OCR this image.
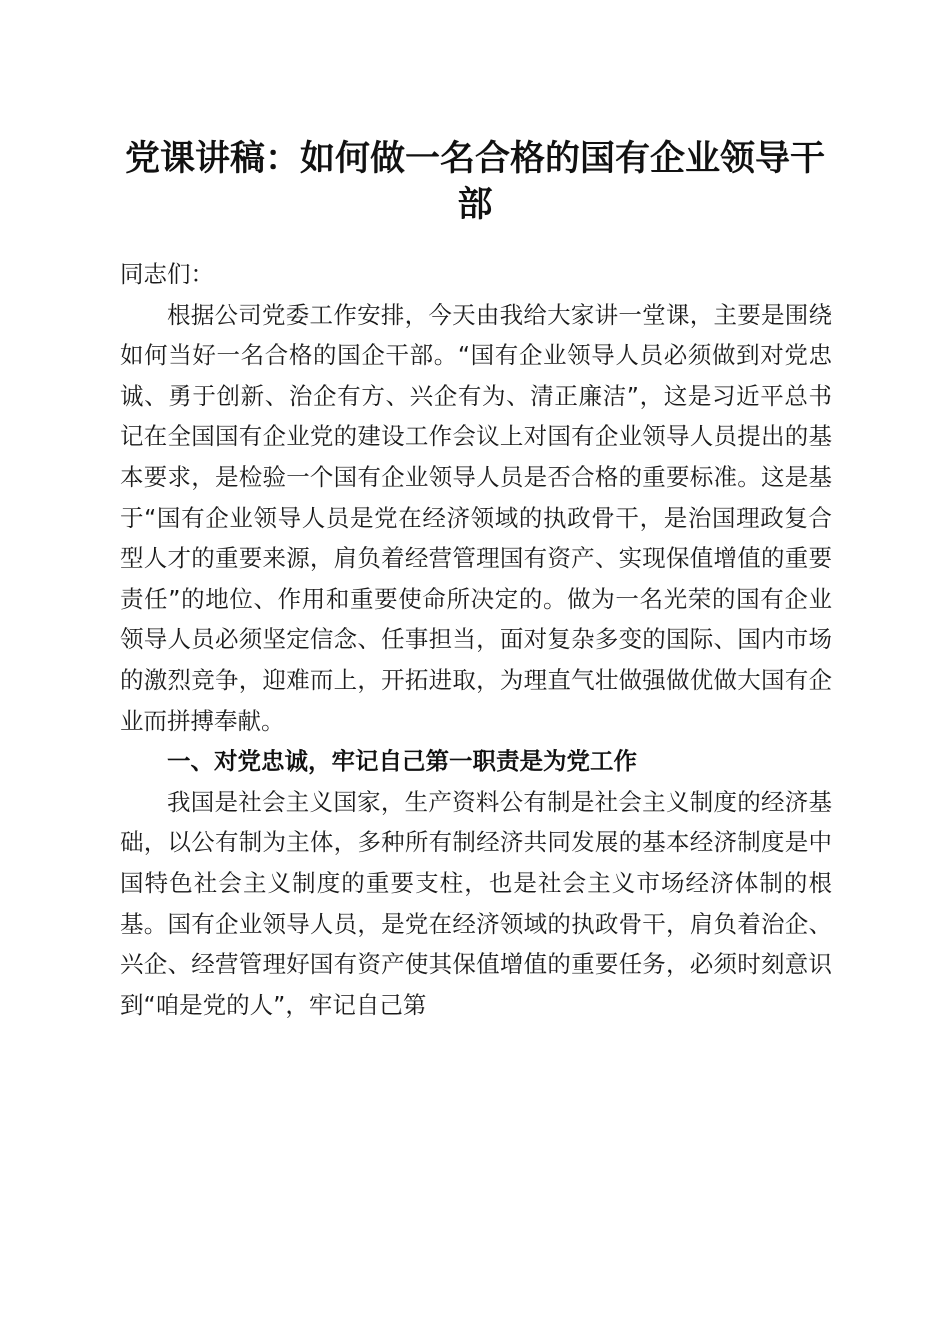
党课讲稿：如何做一名合格的国有企业领导干部

同志们：

根据公司党委工作安排，今天由我给大家讲一堂课，主要是围绕如何当好一名合格的国企干部。“国有企业领导人员必须做到对党忠诚、勇于创新、治企有方、兴企有为、清正廉洁”，这是习近平总书记在全国国有企业党的建设工作会议上对国有企业领导人员提出的基本要求，是检验一个国有企业领导人员是否合格的重要标准。这是基于“国有企业领导人员是党在经济领域的执政骨干，是治国理政复合型人才的重要来源，肩负着经营管理国有资产、实现保值增值的重要责任”的地位、作用和重要使命所决定的。做为一名光荣的国有企业领导人员必须坚定信念、任事担当，面对复杂多变的国际、国内市场的激烈竞争，迎难而上，开拓进取，为理直气壮做强做优做大国有企业而拼搏奉献。

一、对党忠诚，牢记自己第一职责是为党工作

我国是社会主义国家，生产资料公有制是社会主义制度的经济基础，以公有制为主体，多种所有制经济共同发展的基本经济制度是中国特色社会主义制度的重要支柱，也是社会主义市场经济体制的根基。国有企业领导人员，是党在经济领域的执政骨干，肩负着治企、兴企、经营管理好国有资产使其保值增值的重要任务，必须时刻意识到“咱是党的人”，牢记自己第
